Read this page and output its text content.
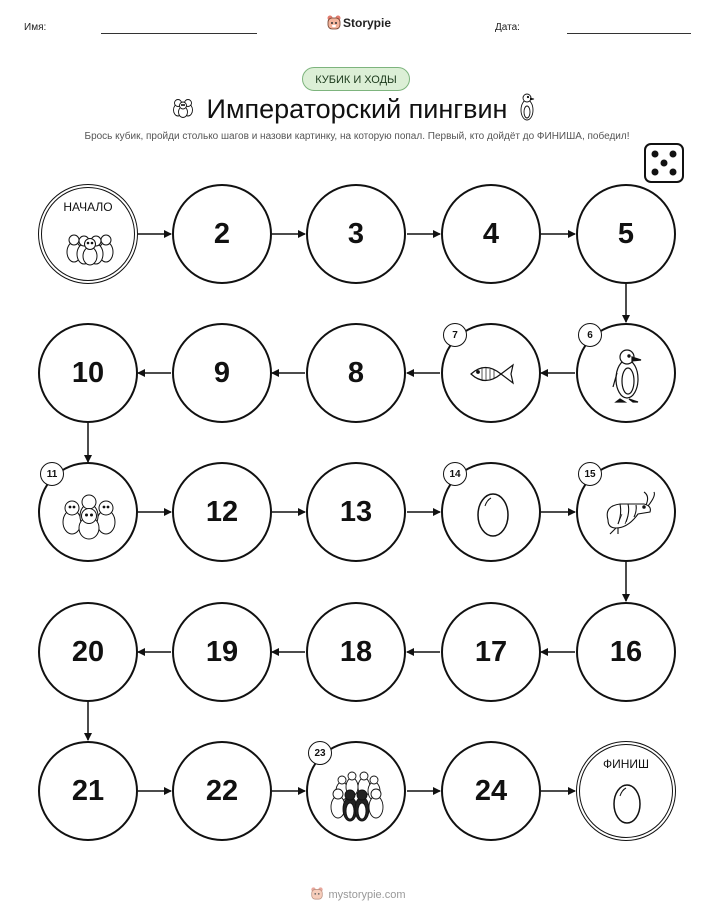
Имя:	Storypie	Дата:
КУБИК И ХОДЫ
Императорский пингвин
Брось кубик, пройди столько шагов и назови картинку, на которую попал. Первый, кто дойдёт до ФИНИША, победил!
НАЧАЛО
2	3	4	5
10	9	8
7	6
11
12	13
14	15
20	19	18	17	16
21	22
23
24
ФИНИШ
mystorypie.com
